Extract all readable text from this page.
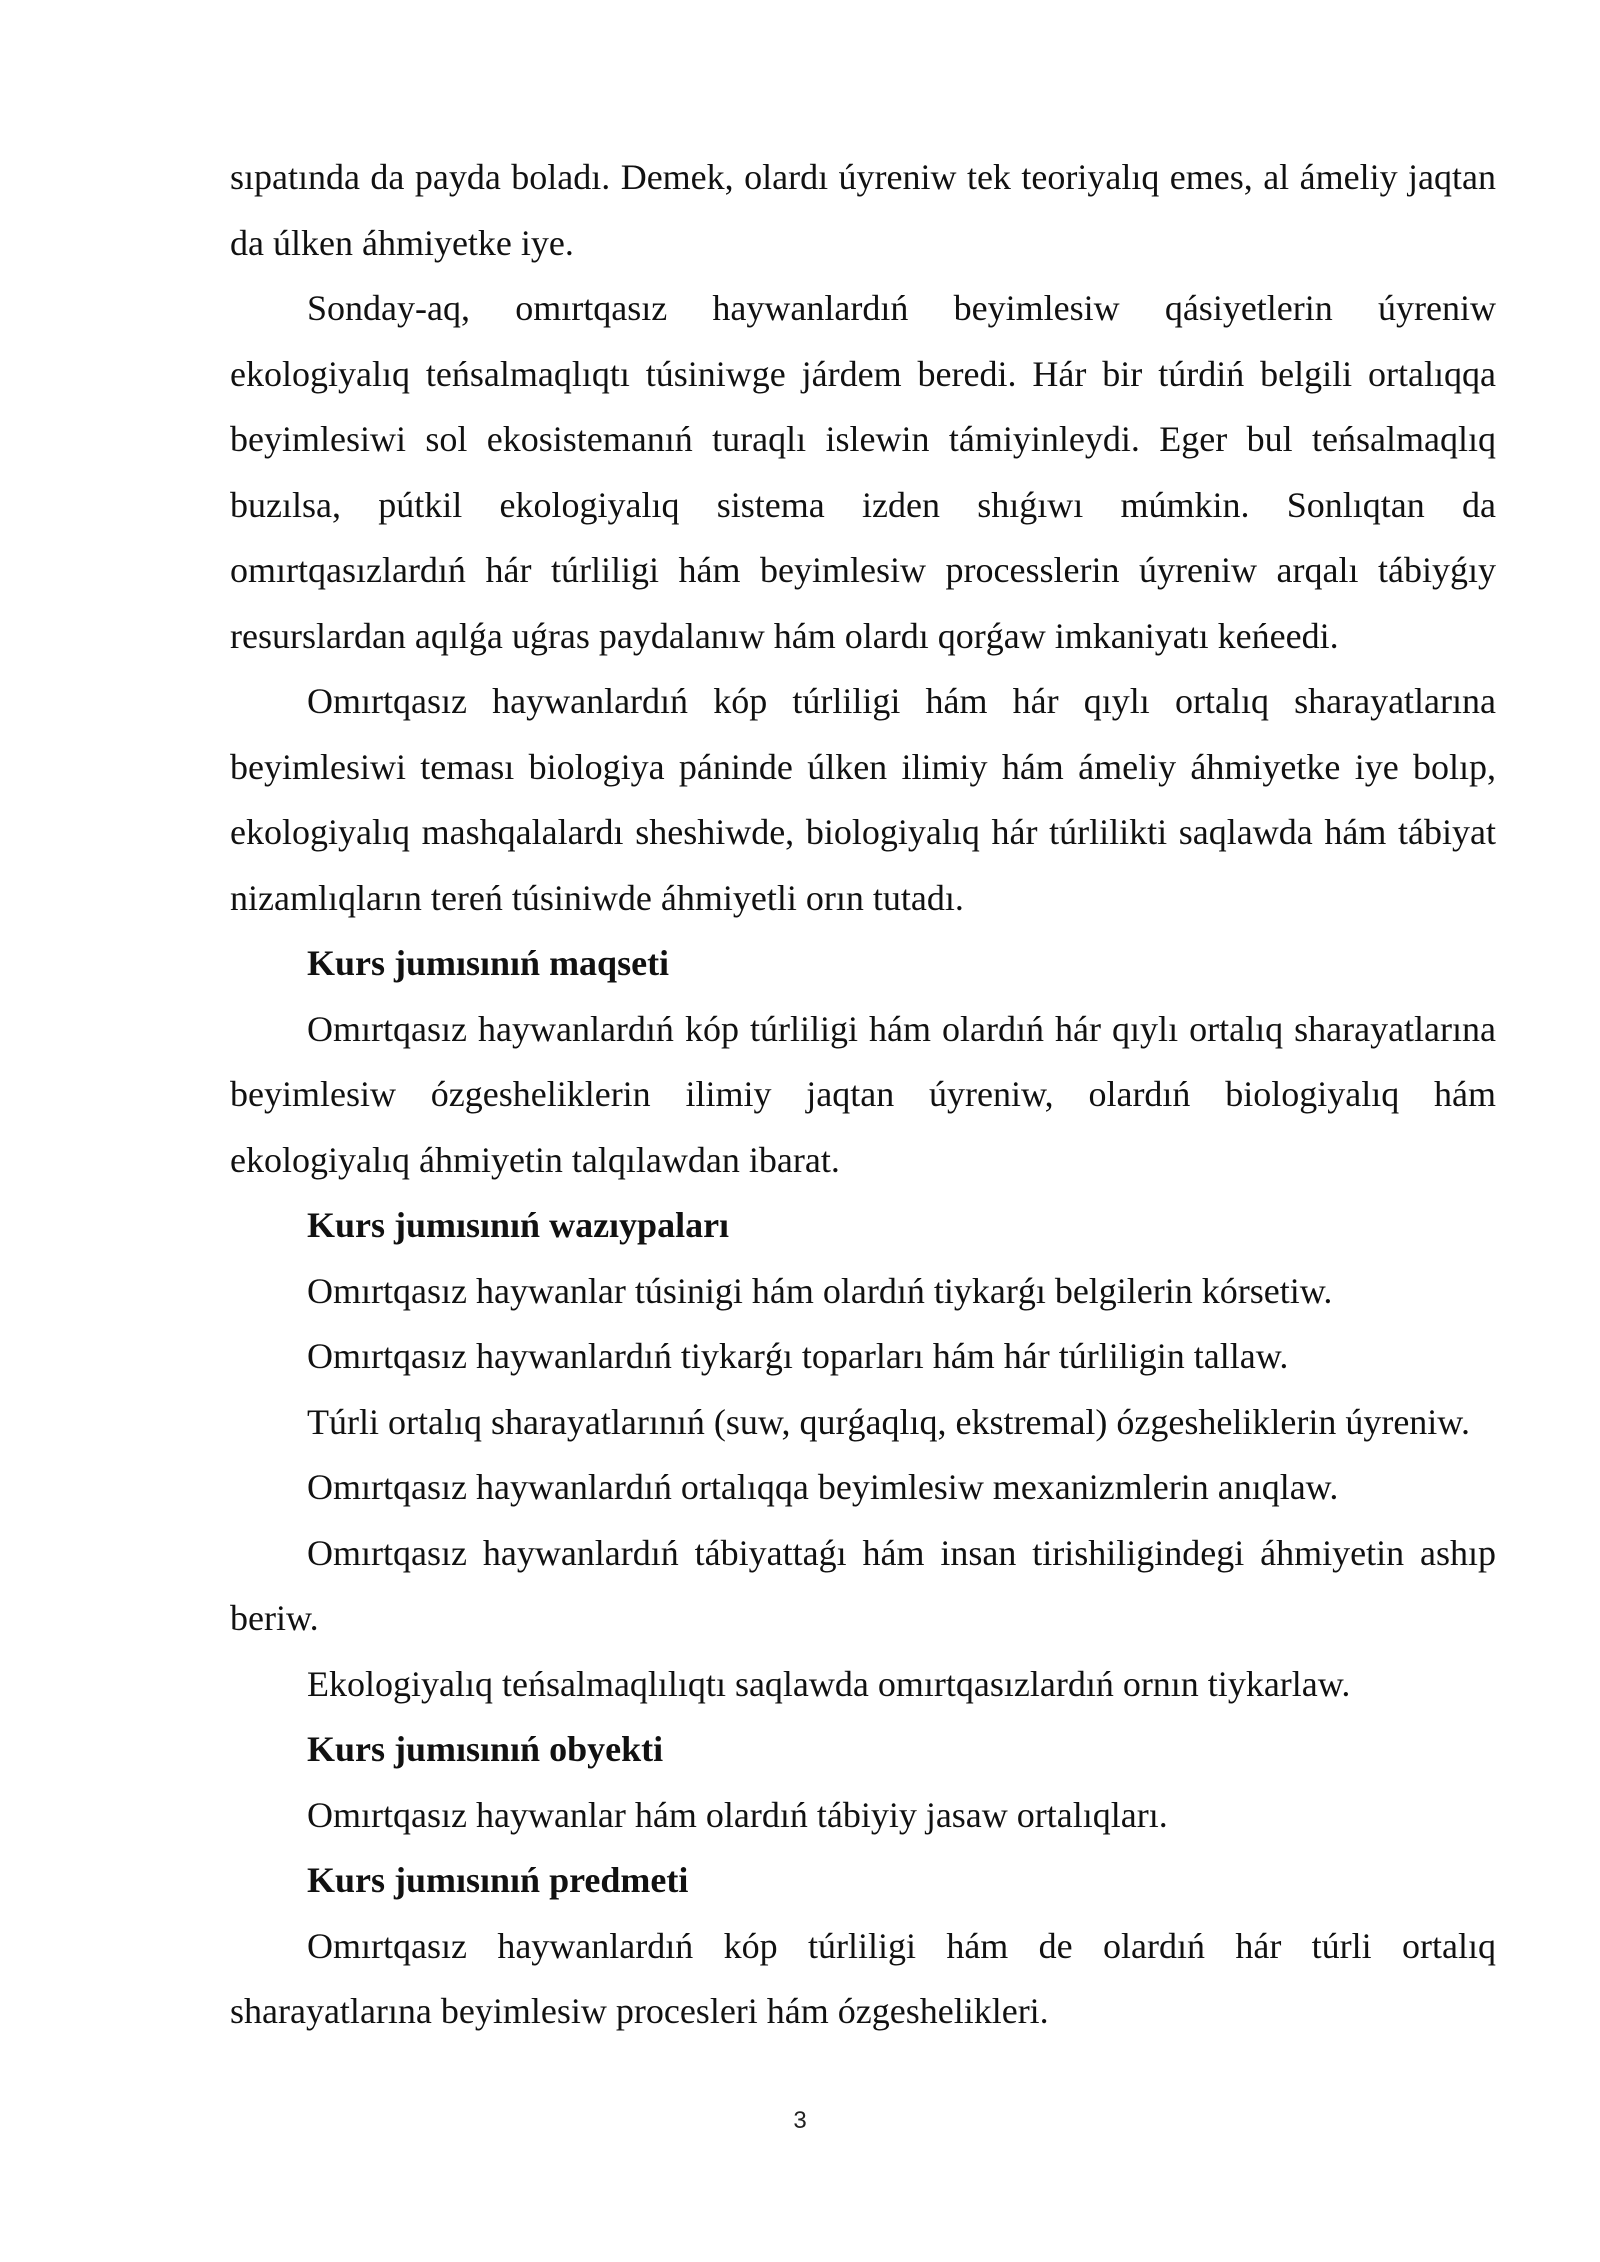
sıpatında da payda boladı. Demek, olardı úyreniw tek teoriyalıq emes, al ámeliy jaqtan da úlken áhmiyetke iye.

Sonday-aq, omırtqasız haywanlardıń beyimlesiw qásiyetlerin úyreniw ekologiyalıq teńsalmaqlıqtı túsiniwge járdem beredi. Hár bir túrdiń belgili ortalıqqa beyimlesiwi sol ekosistemanıń turaqlı islewin támiyinleydi. Eger bul teńsalmaqlıq buzılsa, pútkil ekologiyalıq sistema izden shıǵıwı múmkin. Sonlıqtan da omırtqasızlardıń hár túrliligi hám beyimlesiw processlerin úyreniw arqalı tábiyǵıy resurslardan aqılǵa uǵras paydalanıw hám olardı qorǵaw imkaniyatı keńeedi.

Omırtqasız haywanlardıń kóp túrliligi hám hár qıylı ortalıq sharayatlarına beyimlesiwi teması biologiya páninde úlken ilimiy hám ámeliy áhmiyetke iye bolıp, ekologiyalıq mashqalalardı sheshiwde, biologiyalıq hár túrlilikti saqlawda hám tábiyat nizamlıqların tereń túsiniwde áhmiyetli orın tutadı.

Kurs jumısınıń maqseti

Omırtqasız haywanlardıń kóp túrliligi hám olardıń hár qıylı ortalıq sharayatlarına beyimlesiw ózgesheliklerin ilimiy jaqtan úyreniw, olardıń biologiyalıq hám ekologiyalıq áhmiyetin talqılawdan ibarat.

Kurs jumısınıń wazıypaları

Omırtqasız haywanlar túsinigi hám olardıń tiykarǵı belgilerin kórsetiw.

Omırtqasız haywanlardıń tiykarǵı toparları hám hár túrliligin tallaw.

Túrli ortalıq sharayatlarınıń (suw, qurǵaqlıq, ekstremal) ózgesheliklerin úyreniw.

Omırtqasız haywanlardıń ortalıqqa beyimlesiw mexanizmlerin anıqlaw.

Omırtqasız haywanlardıń tábiyattaǵı hám insan tirishiligindegi áhmiyetin ashıp beriw.

Ekologiyalıq teńsalmaqlılıqtı saqlawda omırtqasızlardıń ornın tiykarlaw.

Kurs jumısınıń obyekti

Omırtqasız haywanlar hám olardıń tábiyiy jasaw ortalıqları.

Kurs jumısınıń predmeti

Omırtqasız haywanlardıń kóp túrliligi hám de olardıń hár túrli ortalıq sharayatlarına beyimlesiw procesleri hám ózgeshelikleri.

3
